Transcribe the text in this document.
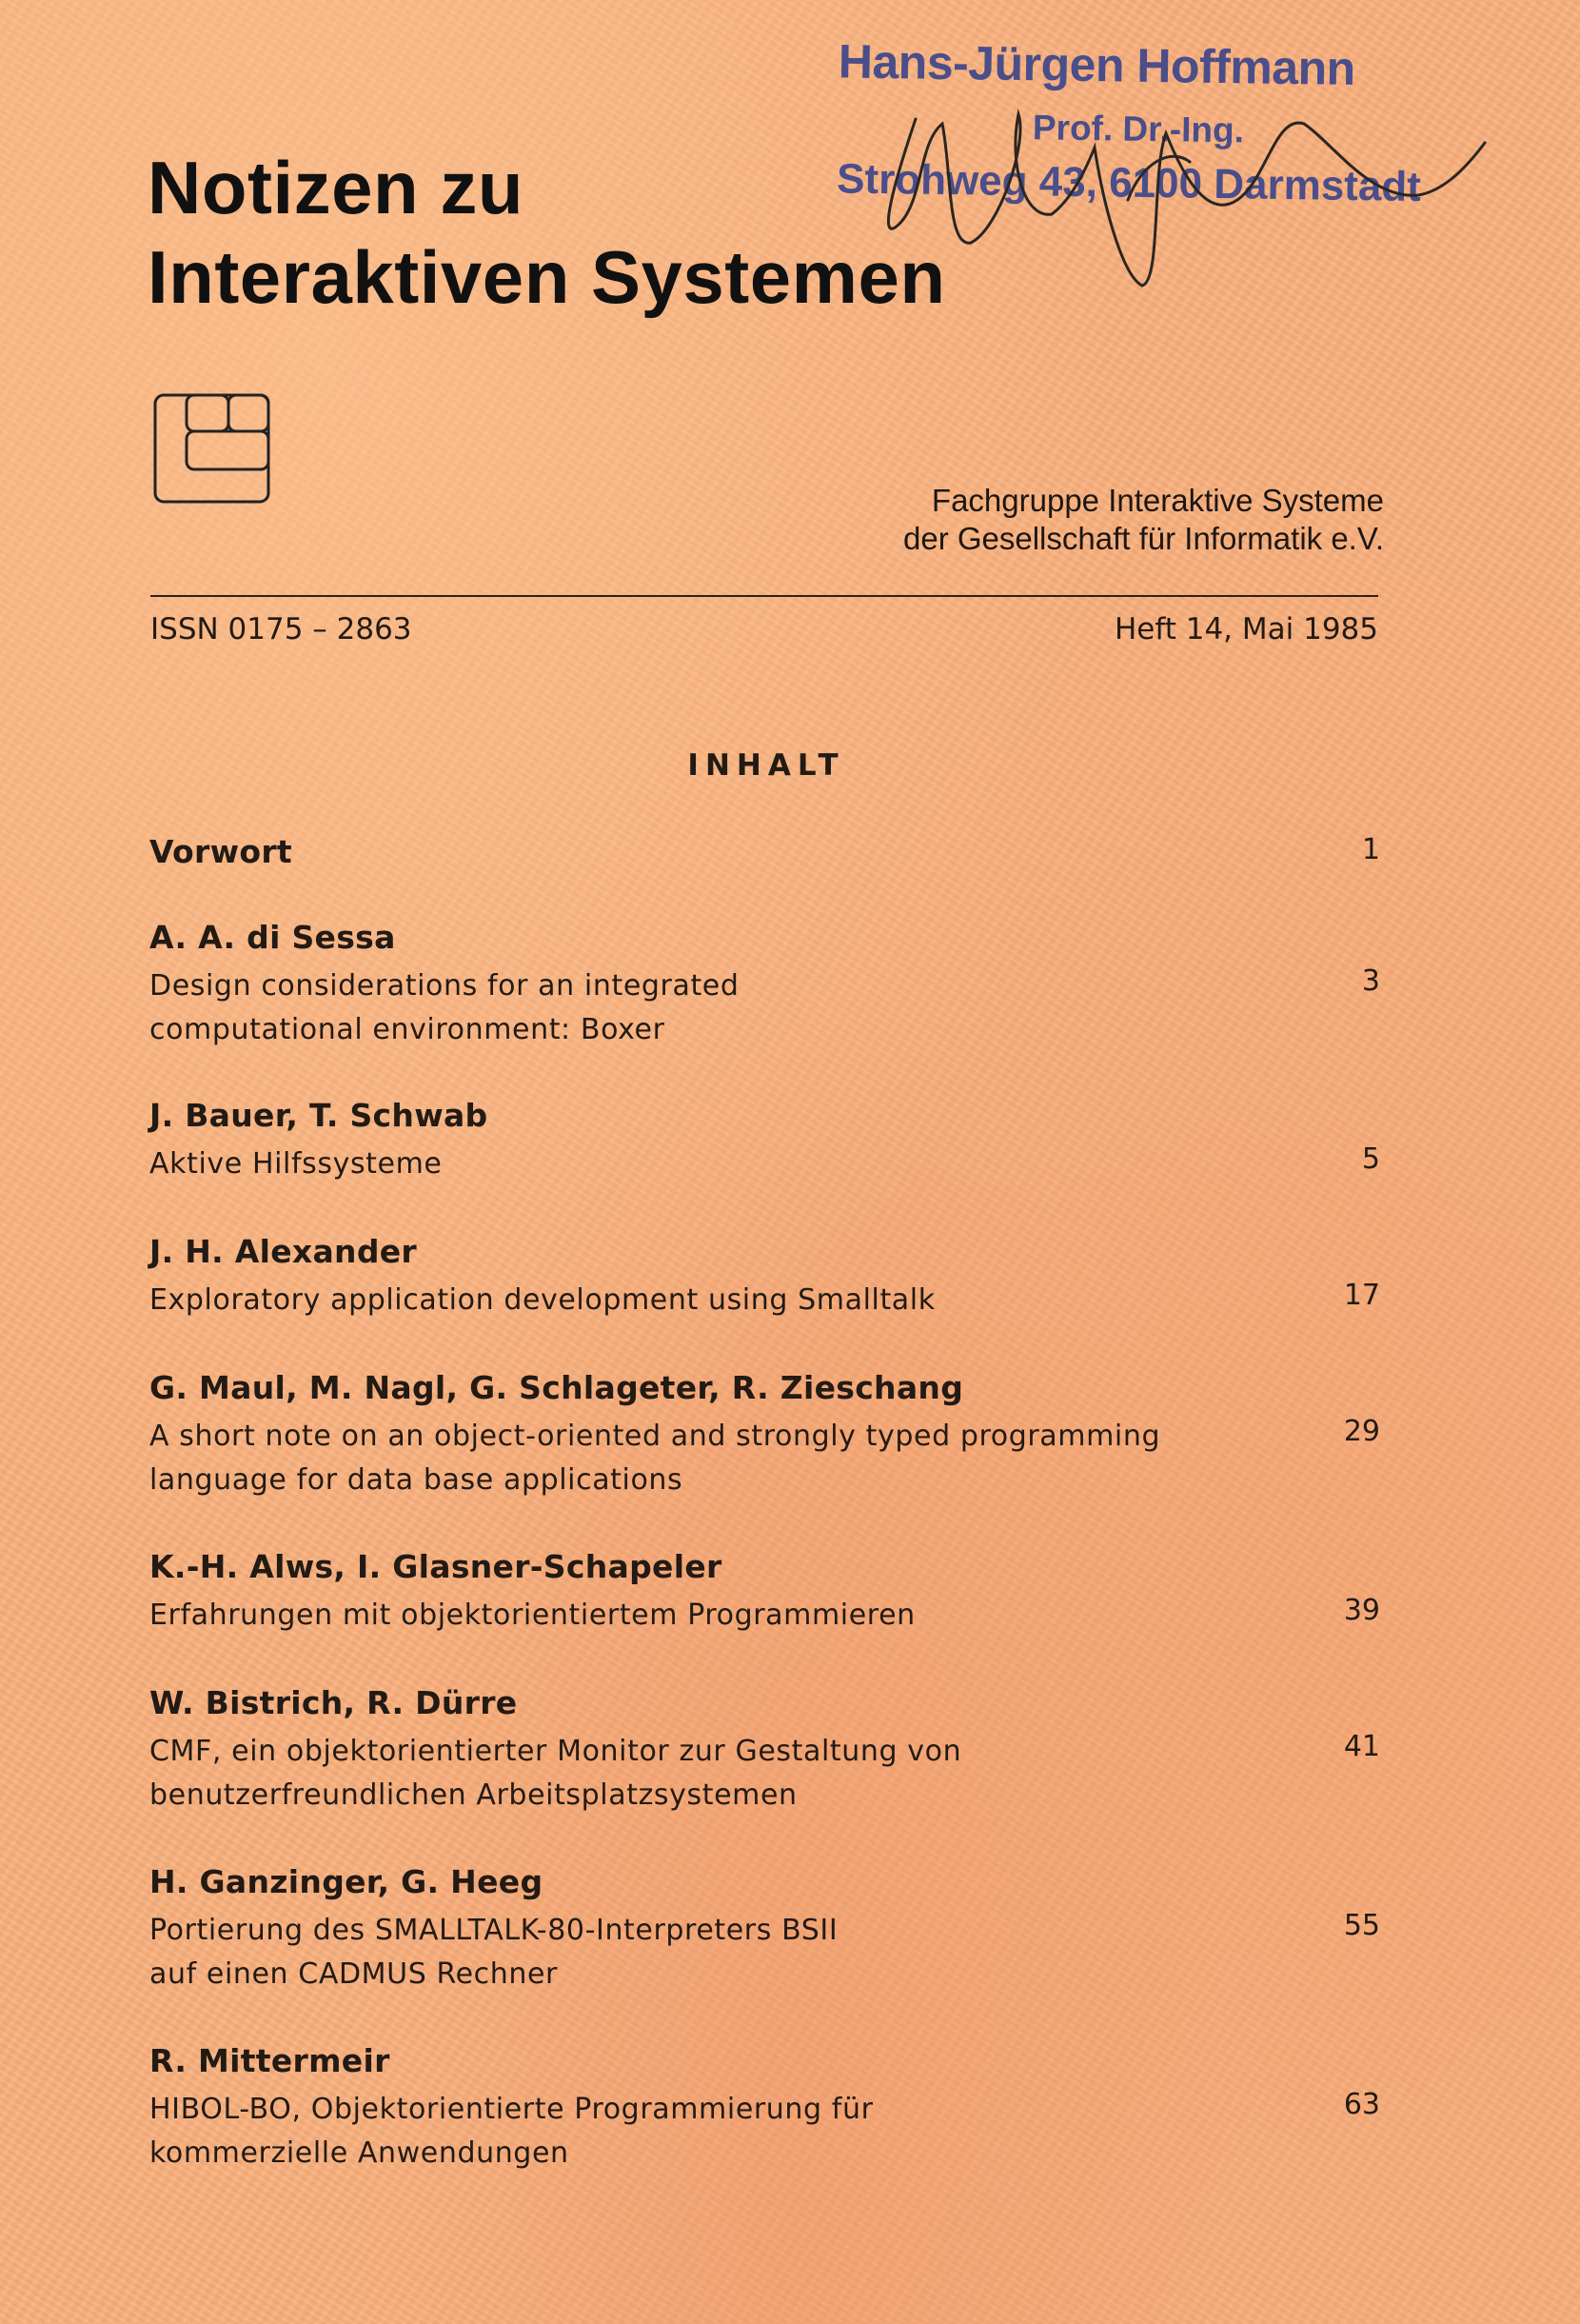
Notizen zu
Interaktiven Systemen
Hans-Jürgen Hoffmann
Prof. Dr.-Ing.
Strohweg 43, 6100 Darmstadt
Fachgruppe Interaktive Systeme
der Gesellschaft für Informatik e.V.
ISSN 0175 – 2863	Heft 14, Mai 1985
INHALT
Vorwort	1
A. A. di Sessa
Design considerations for an integrated
computational environment: Boxer
3
J. Bauer, T. Schwab
Aktive Hilfssysteme	5
J. H. Alexander
Exploratory application development using Smalltalk	17
G. Maul, M. Nagl, G. Schlageter, R. Zieschang
A short note on an object-oriented and strongly typed programming
language for data base applications
29
K.-H. Alws, I. Glasner-Schapeler
Erfahrungen mit objektorientiertem Programmieren	39
W. Bistrich, R. Dürre
CMF, ein objektorientierter Monitor zur Gestaltung von
benutzerfreundlichen Arbeitsplatzsystemen
41
H. Ganzinger, G. Heeg
Portierung des SMALLTALK-80-Interpreters BSII
auf einen CADMUS Rechner
55
R. Mittermeir
HIBOL-BO, Objektorientierte Programmierung für
kommerzielle Anwendungen
63
